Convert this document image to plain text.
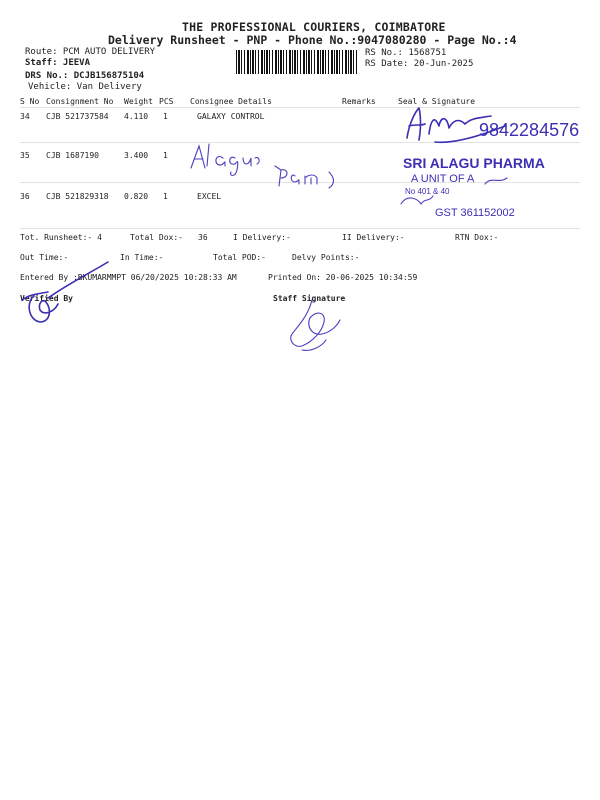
THE PROFESSIONAL COURIERS, COIMBATORE
Delivery Runsheet - PNP - Phone No.:9047080280 - Page No.:4
Route: PCM AUTO DELIVERY
Staff: JEEVA
DRS No.: DCJB156875104
Vehicle: Van Delivery
RS No.: 1568751
RS Date: 20-Jun-2025
S No Consignment No Weight PCS Consignee Details	Remarks	Seal & Signature
34 CJB 521737584 4.110 1	GALAXY CONTROL
35 CJB 1687190	3.400 1
36 CJB 521829318 0.820 1	EXCEL
Tot. Runsheet:- 4	Total Dox:- 36	I Delivery:-	II Delivery:-	RTN Dox:-
Out Time:-	In Time:-	Total POD:-	Delvy Points:-
Entered By :BKUMARMMPT 06/20/2025 10:28:33 AM	Printed On: 20-06-2025 10:34:59
Verified By	Staff Signature
9842284576
SRI ALAGU PHARMA
A UNIT OF A
No 401 & 40
GST 361152002
